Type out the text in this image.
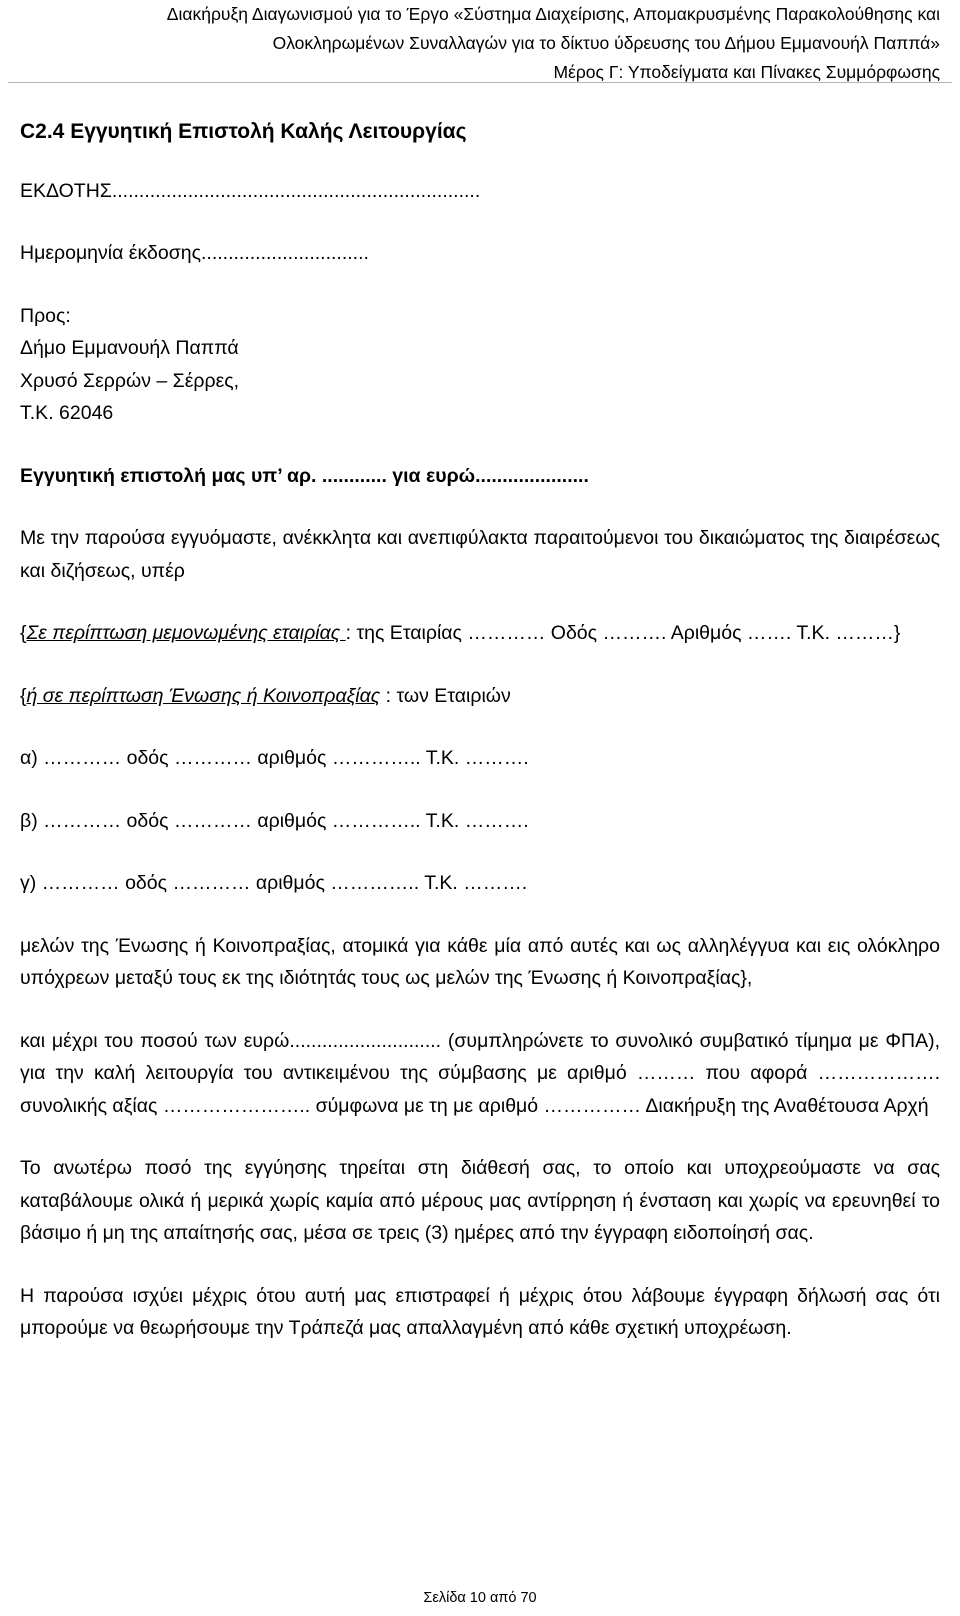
Διακήρυξη Διαγωνισμού για το Έργο «Σύστημα Διαχείρισης, Απομακρυσμένης Παρακολούθησης και
Ολοκληρωμένων Συναλλαγών για το δίκτυο ύδρευσης του Δήμου Εμμανουήλ Παππά»
Μέρος Γ: Υποδείγματα και Πίνακες Συμμόρφωσης

C2.4 Εγγυητική Επιστολή Καλής Λειτουργίας

ΕΚΔΟΤΗΣ....................................................................

Ημερομηνία έκδοσης...............................

Προς:

Δήμο Εμμανουήλ Παππά

Χρυσό Σερρών – Σέρρες,

Τ.Κ. 62046

Εγγυητική επιστολή μας υπ’ αρ. ............ για ευρώ.....................

Με την παρούσα εγγυόμαστε, ανέκκλητα και ανεπιφύλακτα παραιτούμενοι του δικαιώματος της διαιρέσεως και διζήσεως, υπέρ

{Σε περίπτωση μεμονωμένης εταιρίας : της Εταιρίας ………… Οδός ………. Αριθμός ……. Τ.Κ. ………}

{ή σε περίπτωση Ένωσης ή Κοινοπραξίας : των Εταιριών

α) ………… οδός ………… αριθμός ………….. Τ.Κ. ……….

β) ………… οδός ………… αριθμός ………….. Τ.Κ. ……….

γ) ………… οδός ………… αριθμός ………….. Τ.Κ. ……….

μελών της Ένωσης ή Κοινοπραξίας, ατομικά για κάθε μία από αυτές και ως αλληλέγγυα και εις ολόκληρο υπόχρεων μεταξύ τους εκ της ιδιότητάς τους ως μελών της Ένωσης ή Κοινοπραξίας},

και μέχρι του ποσού των ευρώ............................ (συμπληρώνετε το συνολικό συμβατικό τίμημα με ΦΠΑ), για την καλή λειτουργία του αντικειμένου της σύμβασης με αριθμό ……… που αφορά ………………. συνολικής αξίας ………………….. σύμφωνα με τη με αριθμό …………… Διακήρυξη της Αναθέτουσα Αρχή

Το ανωτέρω ποσό της εγγύησης τηρείται στη διάθεσή σας, το οποίο και υποχρεούμαστε να σας καταβάλουμε ολικά ή μερικά χωρίς καμία από μέρους μας αντίρρηση ή ένσταση και χωρίς να ερευνηθεί το βάσιμο ή μη της απαίτησής σας, μέσα σε τρεις (3) ημέρες από την έγγραφη ειδοποίησή σας.

Η παρούσα ισχύει μέχρις ότου αυτή μας επιστραφεί ή μέχρις ότου λάβουμε έγγραφη δήλωσή σας ότι μπορούμε να θεωρήσουμε την Τράπεζά μας απαλλαγμένη από κάθε σχετική υποχρέωση.

Σελίδα 10 από 70
